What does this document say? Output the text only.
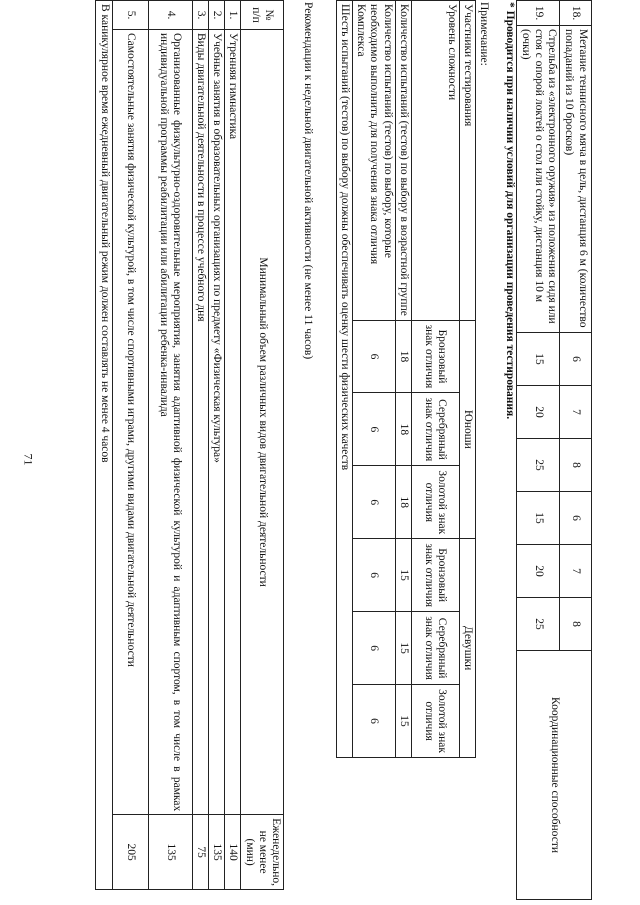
71
18.	Метание теннисного мяча в цель, дистанция 6 м (количество попаданий из 10 бросков)	6	7	8	6	7	8	Координационные способности
19.	Стрельба из «электронного оружия» из положения сидя или стоя с опорой локтей о стол или стойку, дистанция 10 м (очки)	15	20	25	15	20	25	
* Проводится при наличии условий для организации проведения тестирования.
Примечание:
Участники тестирования	Юноши			Девушки		
Уровень сложности	Бронзовый знак отличия	Серебряный знак отличия	Золотой знак отличия	Бронзовый знак отличия	Серебряный знак отличия	Золотой знак отличия
Количество испытаний (тестов) по выбору в возрастной группе	18	18	18	15	15	15
Количество испытаний (тестов) по выбору, которые необходимо выполнить для получения знака отличия Комплекса	6	6	6	6	6	6
Шесть испытаний (тестов) по выбору должны обеспечивать оценку шести физических качеств						
Рекомендации к недельной двигательной активности (не менее 11 часов)
№ п/п	Минимальный объем различных видов двигательной деятельности	Еженедельно, не менее (мин)
1.	Утренняя гимнастика	140
2.	Учебные занятия в образовательных организациях по предмету «Физическая культура»	135
3.	Виды двигательной деятельности в процессе учебного дня	75
4.	Организованные физкультурно-оздоровительные мероприятия, занятия адаптивной физической культурой и адаптивным спортом, в том числе в рамках индивидуальной программы реабилитации или абилитации ребенка-инвалида	135
5.	Самостоятельные занятия физической культурой, в том числе спортивными играми, другими видами двигательной деятельности	205
В каникулярное время ежедневный двигательный режим должен составлять не менее 4 часов		
